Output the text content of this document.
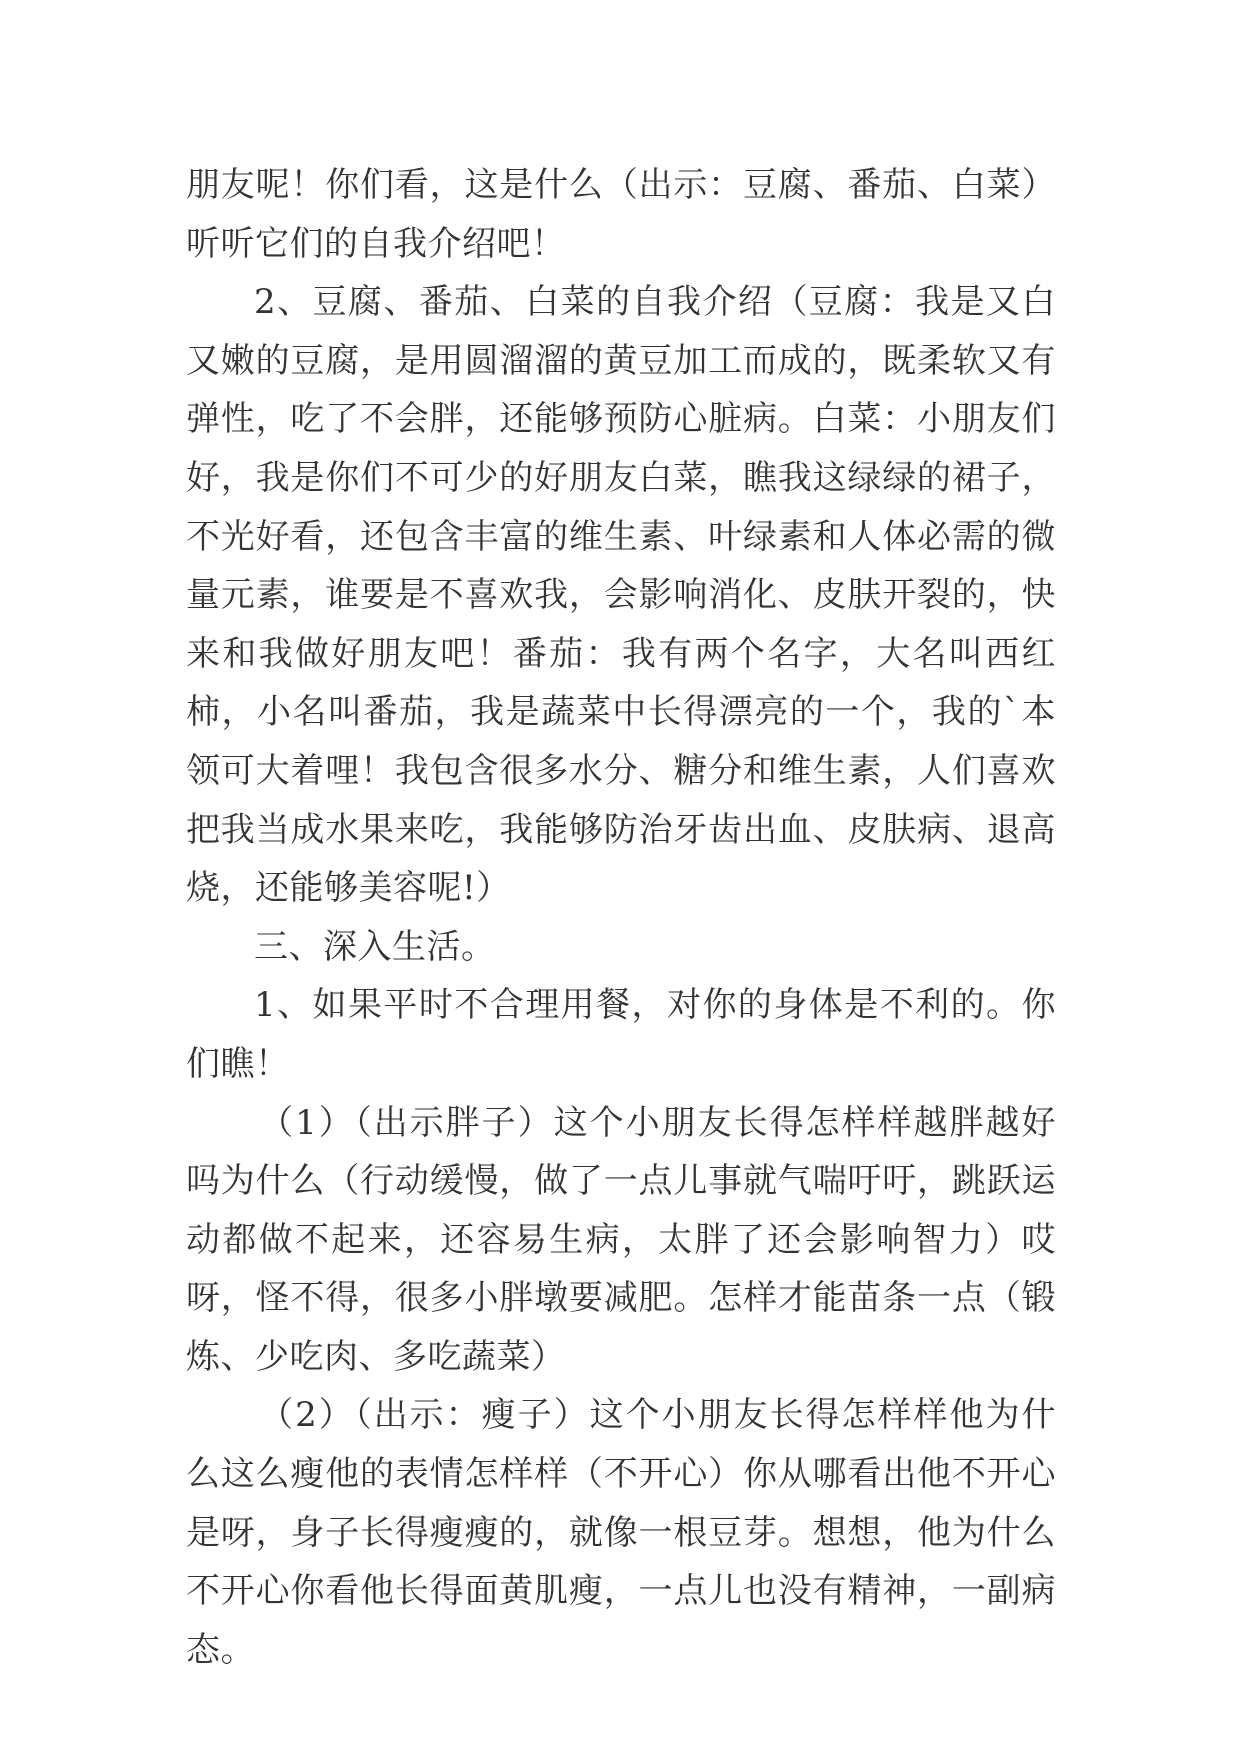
朋友呢！你们看，这是什么（出示：豆腐、番茄、白菜）听听它们的自我介绍吧！

2、豆腐、番茄、白菜的自我介绍（豆腐：我是又白又嫩的豆腐，是用圆溜溜的黄豆加工而成的，既柔软又有弹性，吃了不会胖，还能够预防心脏病。白菜：小朋友们好，我是你们不可少的好朋友白菜，瞧我这绿绿的裙子，不光好看，还包含丰富的维生素、叶绿素和人体必需的微量元素，谁要是不喜欢我，会影响消化、皮肤开裂的，快来和我做好朋友吧！番茄：我有两个名字，大名叫西红柿，小名叫番茄，我是蔬菜中长得漂亮的一个，我的`本领可大着哩！我包含很多水分、糖分和维生素，人们喜欢把我当成水果来吃，我能够防治牙齿出血、皮肤病、退高烧，还能够美容呢!）

三、深入生活。

1、如果平时不合理用餐，对你的身体是不利的。你们瞧！

（1）（出示胖子）这个小朋友长得怎样样越胖越好吗为什么（行动缓慢，做了一点儿事就气喘吁吁，跳跃运动都做不起来，还容易生病，太胖了还会影响智力）哎呀，怪不得，很多小胖墩要减肥。怎样才能苗条一点（锻炼、少吃肉、多吃蔬菜）

（2）（出示：瘦子）这个小朋友长得怎样样他为什么这么瘦他的表情怎样样（不开心）你从哪看出他不开心是呀，身子长得瘦瘦的，就像一根豆芽。想想，他为什么不开心你看他长得面黄肌瘦，一点儿也没有精神，一副病态。
